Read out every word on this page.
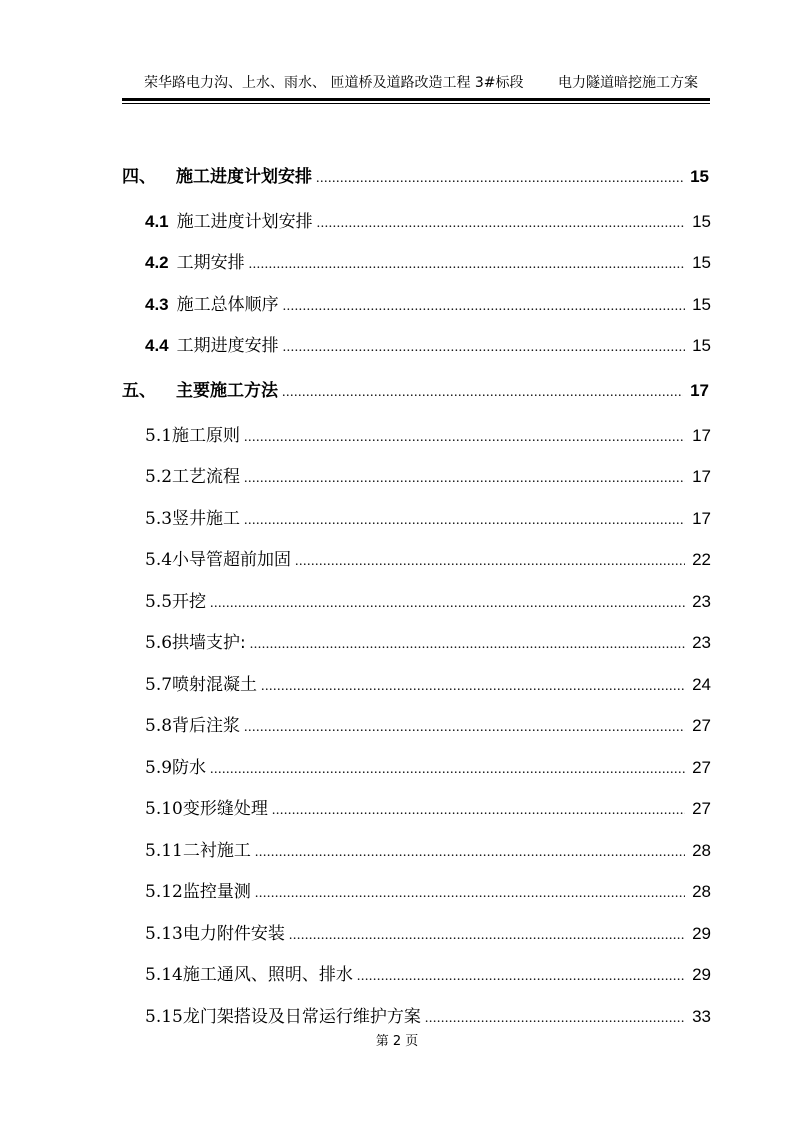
荣华路电力沟、上水、雨水、 匝道桥及道路改造工程 3#标段 电力隧道暗挖施工方案
四、	施工进度计划安排 .....	15
4.1 施工进度计划安排 .....	15
4.2 工期安排 .....	15
4.3 施工总体顺序 .....	15
4.4 工期进度安排 .....	15
五、	主要施工方法 .....	17
5.1 施工原则 .....	17
5.2 工艺流程 .....	17
5.3 竖井施工 .....	17
5.4 小导管超前加固 .....	22
5.5 开挖 .....	23
5.6 拱墙支护: .....	23
5.7 喷射混凝土 .....	24
5.8 背后注浆 .....	27
5.9 防水 .....	27
5.10 变形缝处理 .....	27
5.11 二衬施工 .....	28
5.12 监控量测 .....	28
5.13 电力附件安装 .....	29
5.14 施工通风、照明、排水 .....	29
5.15 龙门架搭设及日常运行维护方案 .....	33
第 2 页
